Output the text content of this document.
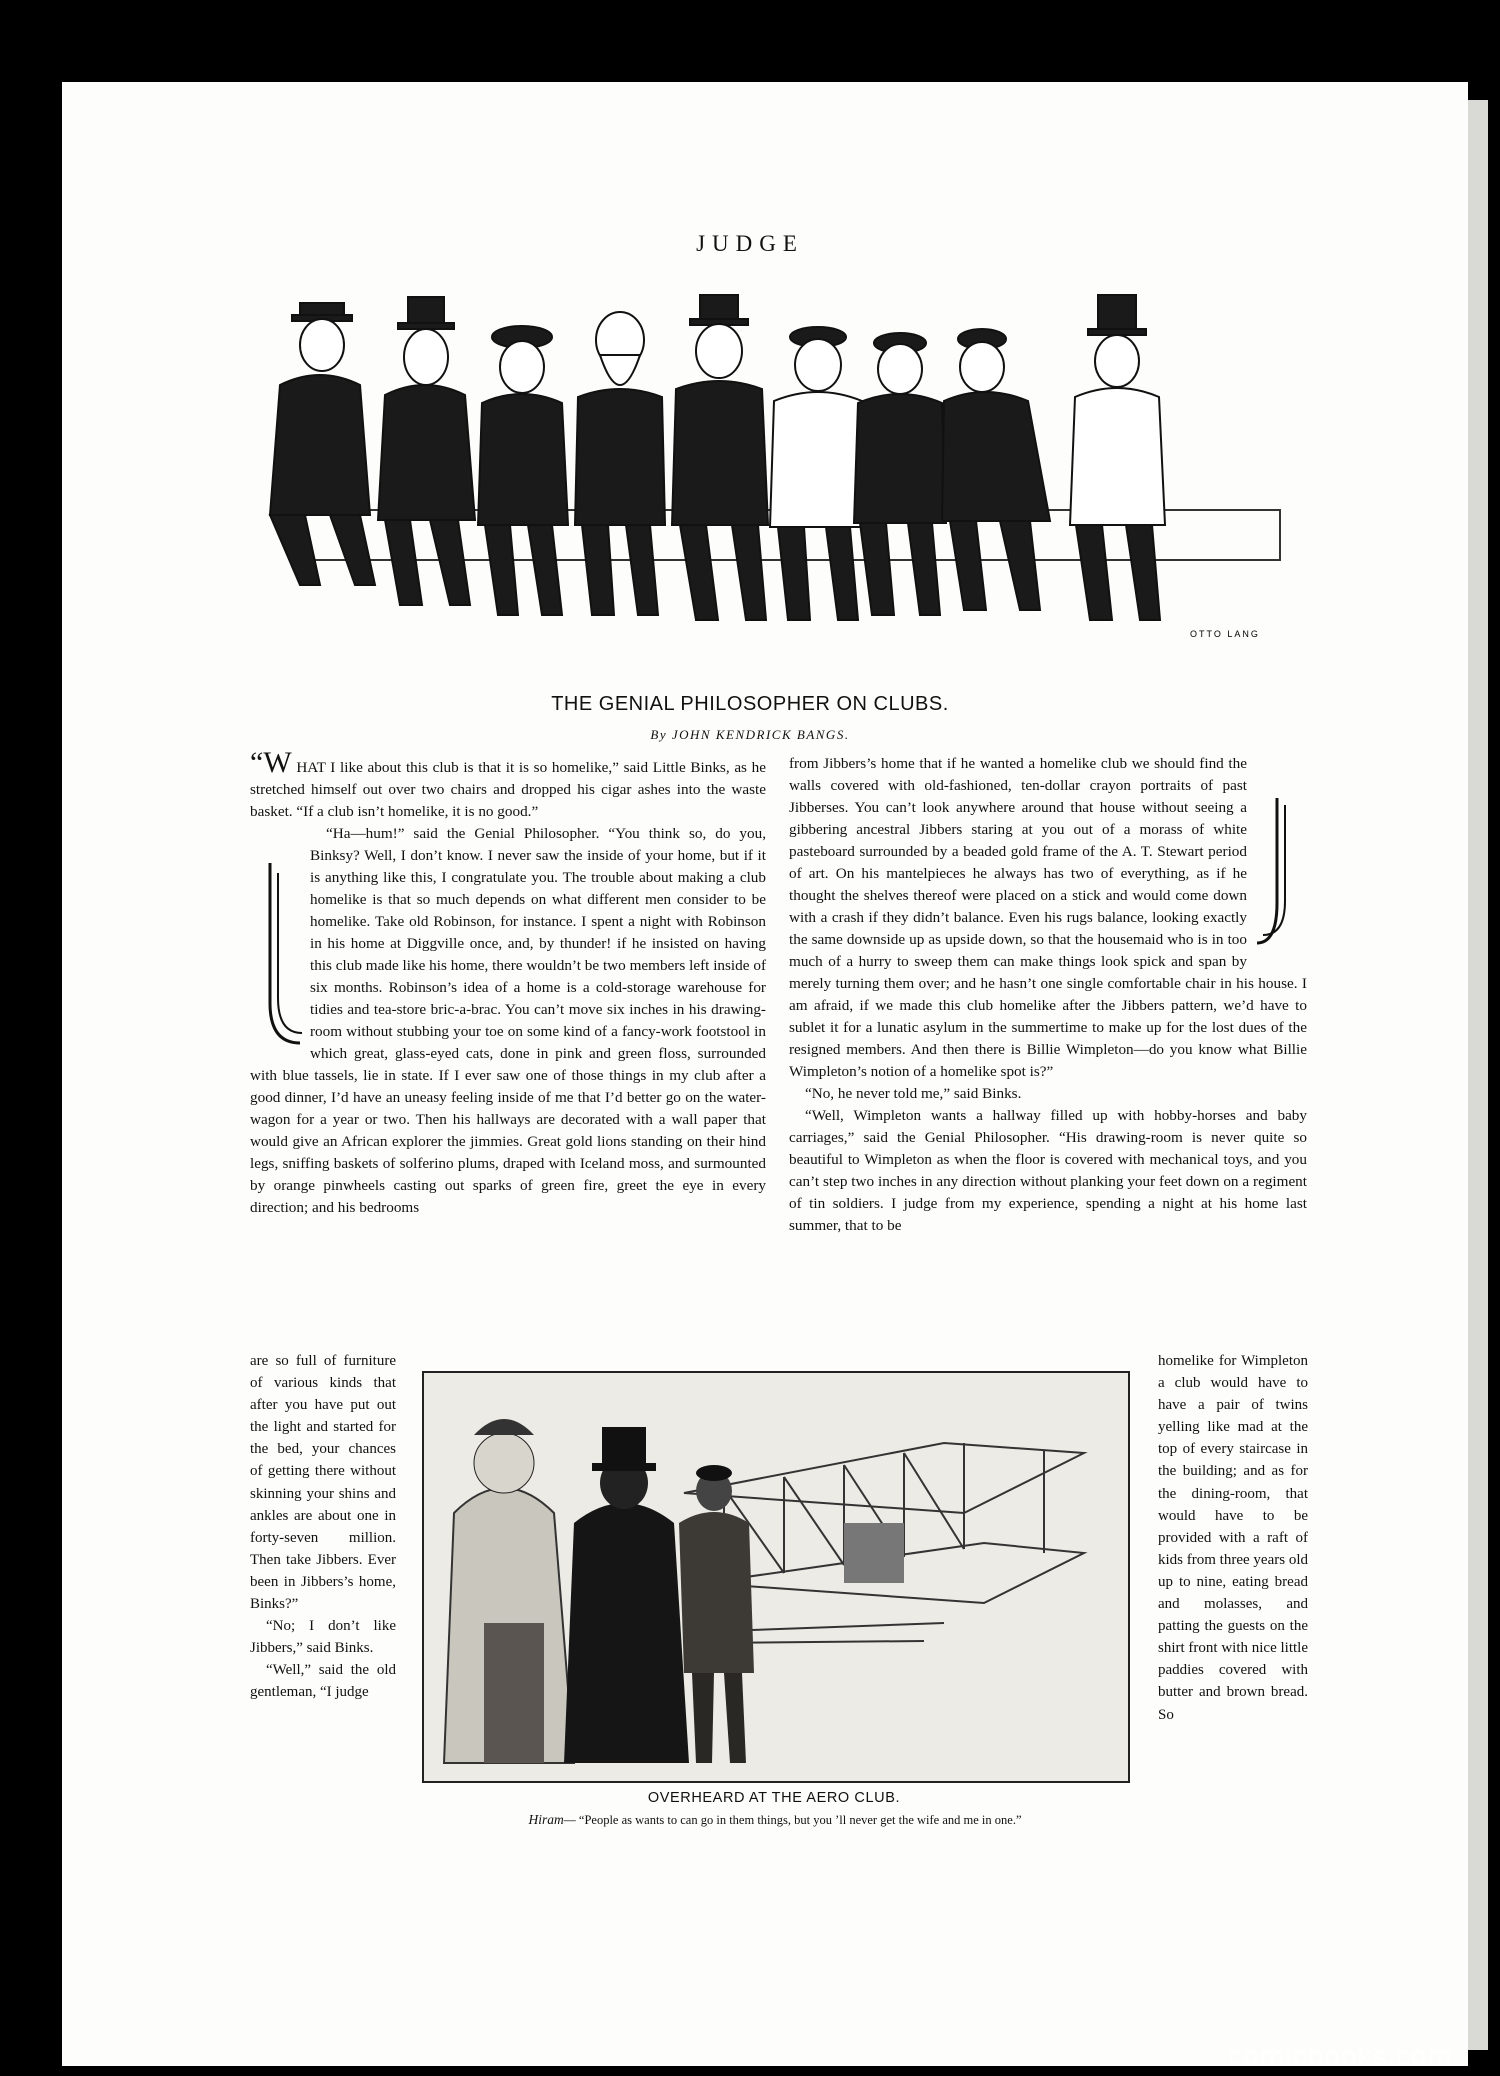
JUDGE
OTTO LANG
THE GENIAL PHILOSOPHER ON CLUBS.
By JOHN KENDRICK BANGS.

“W HAT I like about this club is that it is so homelike,” said Little Binks, as he stretched himself out over two chairs and dropped his cigar ashes into the waste basket. “If a club isn’t homelike, it is no good.”

“Ha—hum!” said the Genial Philosopher. “You think so, do you, Binksy? Well, I don’t know. I never saw the inside of your home, but if it is anything like this, I congratulate you. The trouble about making a club homelike is that so much depends on what different men consider to be homelike. Take old Robinson, for instance. I spent a night with Robinson in his home at Diggville once, and, by thunder! if he insisted on having this club made like his home, there wouldn’t be two members left inside of six months. Robinson’s idea of a home is a cold-storage warehouse for tidies and tea-store bric-a-brac. You can’t move six inches in his drawing-room without stubbing your toe on some kind of a fancy-work footstool in which great, glass-eyed cats, done in pink and green floss, surrounded with blue tassels, lie in state. If I ever saw one of those things in my club after a good dinner, I’d have an uneasy feeling inside of me that I’d better go on the water-wagon for a year or two. Then his hallways are decorated with a wall paper that would give an African explorer the jimmies. Great gold lions standing on their hind legs, sniffing baskets of solferino plums, draped with Iceland moss, and surmounted by orange pinwheels casting out sparks of green fire, greet the eye in every direction; and his bedrooms

are so full of furniture of various kinds that after you have put out the light and started for the bed, your chances of getting there without skinning your shins and ankles are about one in forty-seven million. Then take Jibbers. Ever been in Jibbers’s home, Binks?”

“No; I don’t like Jibbers,” said Binks.

“Well,” said the old gentleman, “I judge

from Jibbers’s home that if he wanted a homelike club we should find the walls covered with old-fashioned, ten-dollar crayon portraits of past Jibberses. You can’t look anywhere around that house without seeing a gibbering ancestral Jibbers staring at you out of a morass of white pasteboard surrounded by a beaded gold frame of the A. T. Stewart period of art. On his mantelpieces he always has two of everything, as if he thought the shelves thereof were placed on a stick and would come down with a crash if they didn’t balance. Even his rugs balance, looking exactly the same downside up as upside down, so that the housemaid who is in too much of a hurry to sweep them can make things look spick and span by merely turning them over; and he hasn’t one single comfortable chair in his house. I am afraid, if we made this club homelike after the Jibbers pattern, we’d have to sublet it for a lunatic asylum in the summertime to make up for the lost dues of the resigned members. And then there is Billie Wimpleton—do you know what Billie Wimpleton’s notion of a homelike spot is?”

“No, he never told me,” said Binks.

“Well, Wimpleton wants a hallway filled up with hobby-horses and baby carriages,” said the Genial Philosopher. “His drawing-room is never quite so beautiful to Wimpleton as when the floor is covered with mechanical toys, and you can’t step two inches in any direction without planking your feet down on a regiment of tin soldiers. I judge from my experience, spending a night at his home last summer, that to be

homelike for Wimpleton a club would have to have a pair of twins yelling like mad at the top of every staircase in the building; and as for the dining-room, that would have to be provided with a raft of kids from three years old up to nine, eating bread and molasses, and patting the guests on the shirt front with nice little paddies covered with butter and brown bread. So

OVERHEARD AT THE AERO CLUB.
Hiram— “People as wants to can go in them things, but you ’ll never get the wife and me in one.”
comicbooks.com
